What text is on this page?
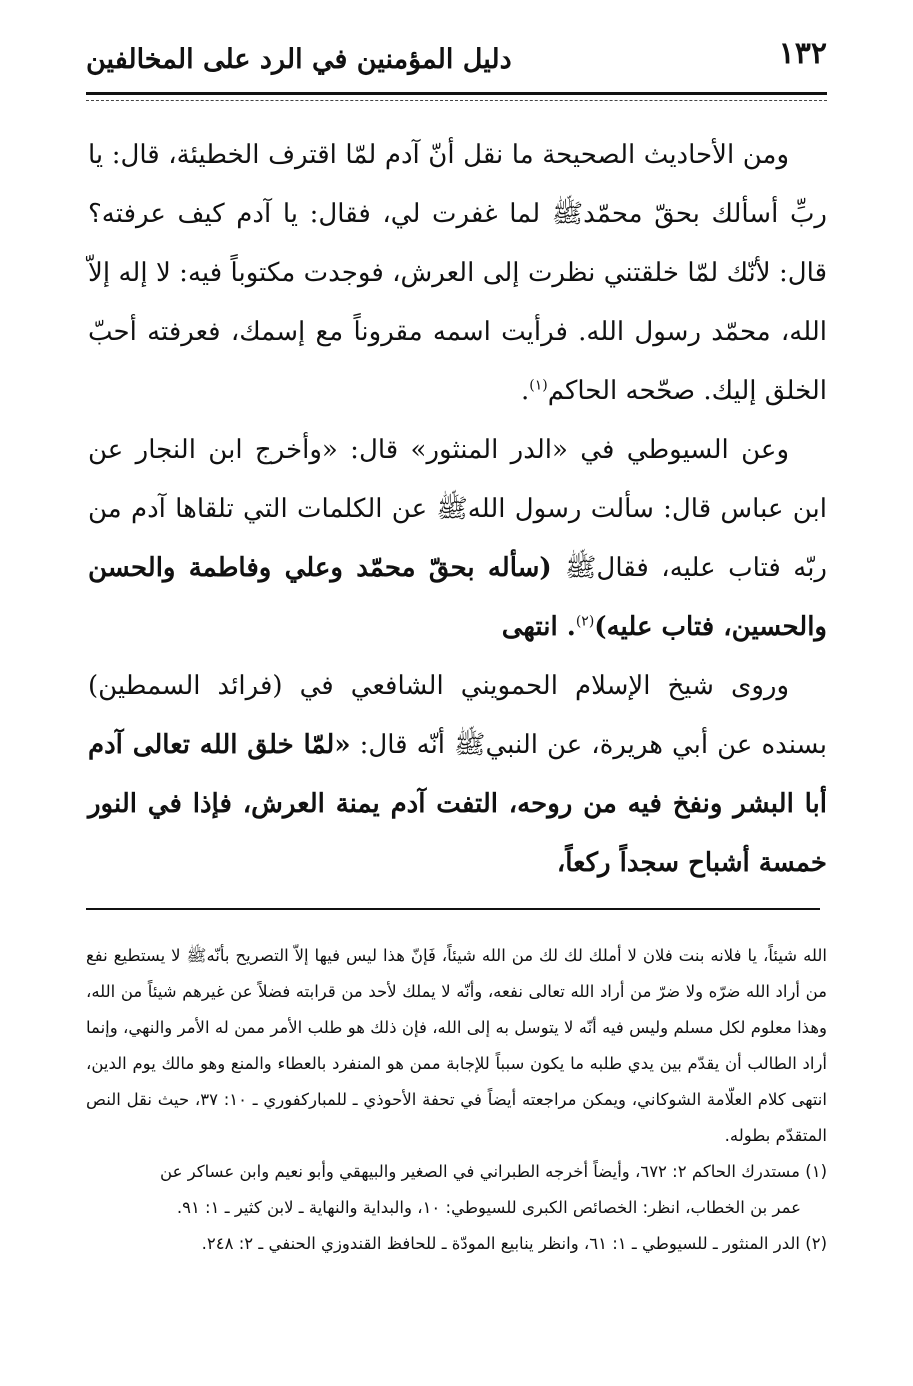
١٣٢
دليل المؤمنين في الرد على المخالفين

ومن الأحاديث الصحيحة ما نقل أنّ آدم لمّا اقترف الخطيئة، قال: يا ربِّ أسألك بحقّ محمّدﷺ لما غفرت لي، فقال: يا آدم كيف عرفته؟ قال: لأنّك لمّا خلقتني نظرت إلى العرش، فوجدت مكتوباً فيه: لا إله إلاّ الله، محمّد رسول الله. فرأيت اسمه مقروناً مع إسمك، فعرفته أحبّ الخلق إليك. صحّحه الحاكم$^{(١)}$.

وعن السيوطي في «الدر المنثور» قال: «وأخرج ابن النجار عن ابن عباس قال: سألت رسول اللهﷺ عن الكلمات التي تلقاها آدم من ربّه فتاب عليه، فقالﷺ (سأله بحقّ محمّد وعلي وفاطمة والحسن والحسين، فتاب عليه)$^{(٢)}$. انتهى

وروى شيخ الإسلام الحمويني الشافعي في (فرائد السمطين) بسنده عن أبي هريرة، عن النبيﷺ أنّه قال: «لمّا خلق الله تعالى آدم أبا البشر ونفخ فيه من روحه، التفت آدم يمنة العرش، فإذا في النور خمسة أشباح سجداً ركعاً،

الله شيئاً، يا فلانه بنت فلان لا أملك لك لك من الله شيئاً، فَإنّ هذا ليس فيها إلاّ التصريح بأنّهﷺ لا يستطيع نفع من أراد الله ضرّه ولا ضرّ من أراد الله تعالى نفعه، وأنّه لا يملك لأحد من قرابته فضلاً عن غيرهم شيئاً من الله، وهذا معلوم لكل مسلم وليس فيه أنّه لا يتوسل به إلى الله، فإن ذلك هو طلب الأمر ممن له الأمر والنهي، وإنما أراد الطالب أن يقدّم بين يدي طلبه ما يكون سبباً للإجابة ممن هو المنفرد بالعطاء والمنع وهو مالك يوم الدين، انتهى كلام العلّامة الشوكاني، ويمكن مراجعته أيضاً في تحفة الأحوذي ـ للمباركفوري ـ ١٠: ٣٧، حيث نقل النص المتقدّم بطوله.

(١) مستدرك الحاكم ٢: ٦٧٢، وأيضاً أخرجه الطبراني في الصغير والبيهقي وأبو نعيم وابن عساكر عن

عمر بن الخطاب، انظر: الخصائص الكبرى للسيوطي: ١٠، والبداية والنهاية ـ لابن كثير ـ ١: ٩١.

(٢) الدر المنثور ـ للسيوطي ـ ١: ٦١، وانظر ينابيع المودّة ـ للحافظ القندوزي الحنفي ـ ٢: ٢٤٨.
